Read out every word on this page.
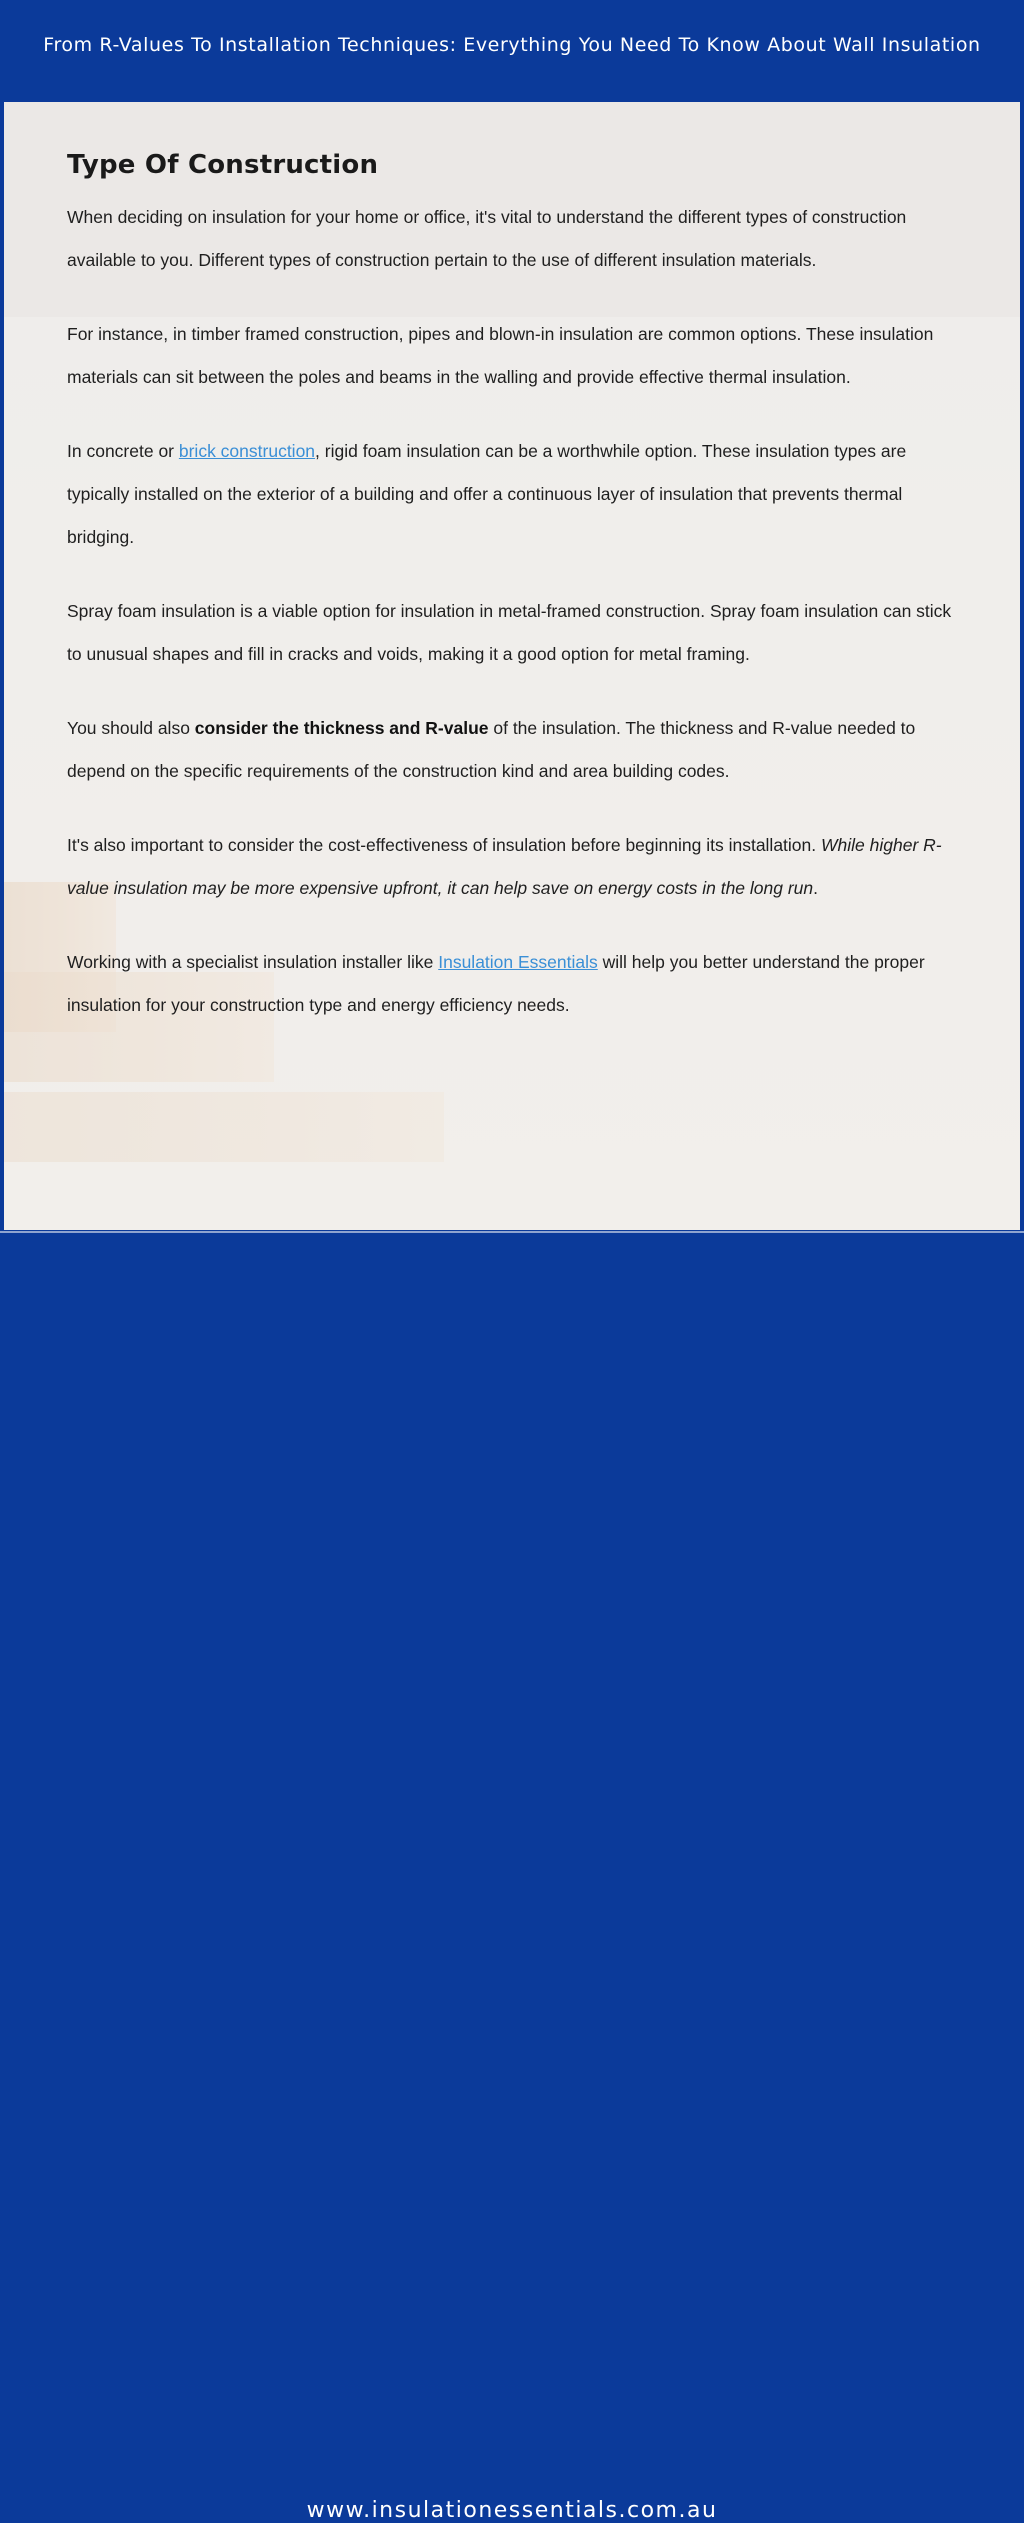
From R-Values To Installation Techniques: Everything You Need To Know About Wall Insulation
Type Of Construction

When deciding on insulation for your home or office, it's vital to understand the different types of construction available to you. Different types of construction pertain to the use of different insulation materials.

For instance, in timber framed construction, pipes and blown-in insulation are common options. These insulation materials can sit between the poles and beams in the walling and provide effective thermal insulation.

In concrete or brick construction, rigid foam insulation can be a worthwhile option. These insulation types are typically installed on the exterior of a building and offer a continuous layer of insulation that prevents thermal bridging.

Spray foam insulation is a viable option for insulation in metal-framed construction. Spray foam insulation can stick to unusual shapes and fill in cracks and voids, making it a good option for metal framing.

You should also consider the thickness and R-value of the insulation. The thickness and R-value needed to depend on the specific requirements of the construction kind and area building codes.

It's also important to consider the cost-effectiveness of insulation before beginning its installation. While higher R-value insulation may be more expensive upfront, it can help save on energy costs in the long run.

Working with a specialist insulation installer like Insulation Essentials will help you better understand the proper insulation for your construction type and energy efficiency needs.

www.insulationessentials.com.au
